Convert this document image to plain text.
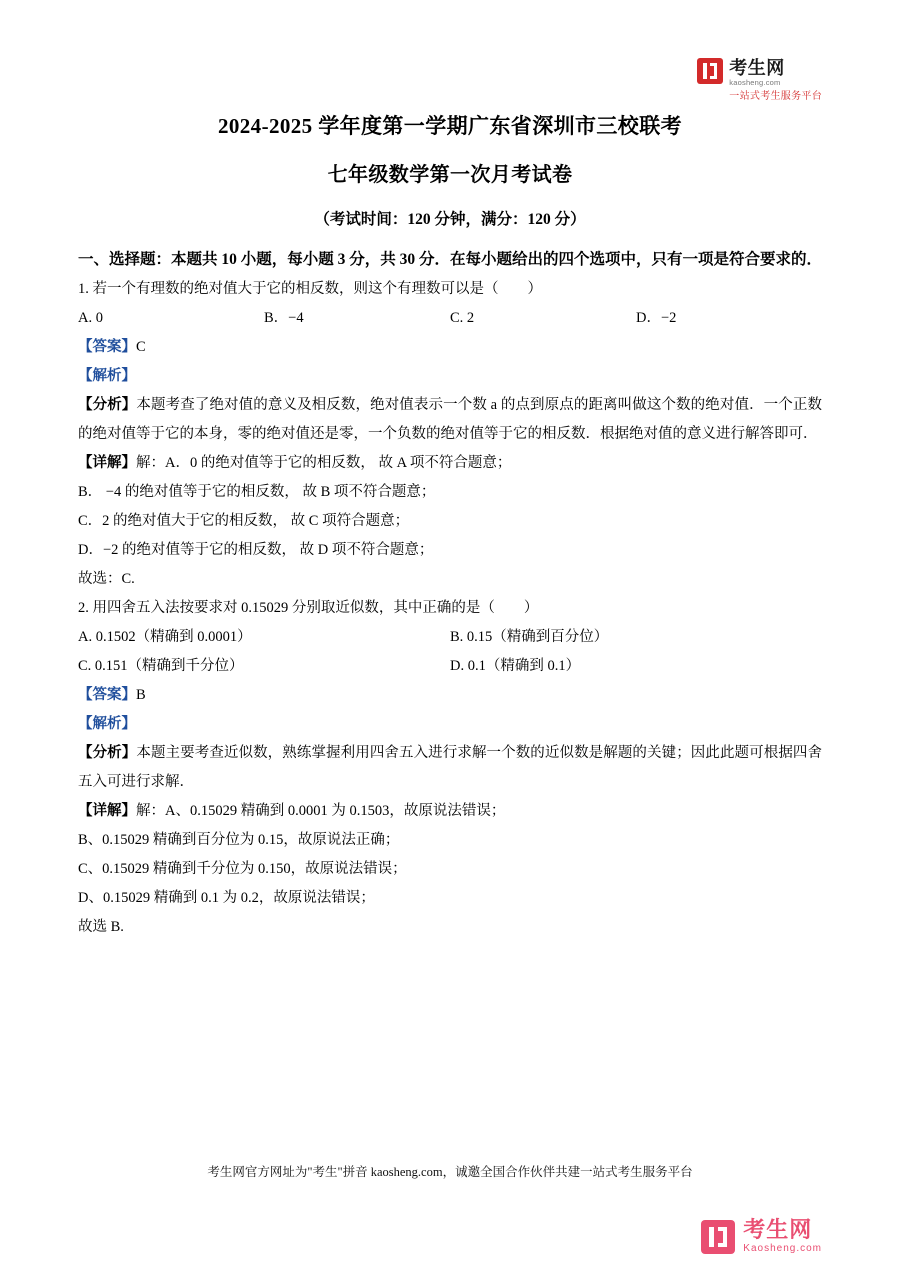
考生网
kaosheng.com
一站式考生服务平台
2024-2025 学年度第一学期广东省深圳市三校联考
七年级数学第一次月考试卷

（考试时间：120 分钟，满分：120 分）

一、选择题：本题共 10 小题，每小题 3 分，共 30 分．在每小题给出的四个选项中，只有一项是符合要求的．

1. 若一个有理数的绝对值大于它的相反数，则这个有理数可以是（　　）

A. 0	B．−4	C. 2	D．−2

【答案】C

【解析】

【分析】本题考查了绝对值的意义及相反数，绝对值表示一个数 a 的点到原点的距离叫做这个数的绝对值．一个正数的绝对值等于它的本身，零的绝对值还是零，一个负数的绝对值等于它的相反数．根据绝对值的意义进行解答即可．

【详解】解：A．0 的绝对值等于它的相反数， 故 A 项不符合题意；

B． −4 的绝对值等于它的相反数， 故 B 项不符合题意；

C．2 的绝对值大于它的相反数， 故 C 项符合题意；

D．−2 的绝对值等于它的相反数， 故 D 项不符合题意；

故选：C.

2. 用四舍五入法按要求对 0.15029 分别取近似数，其中正确的是（　　）

A. 0.1502（精确到 0.0001）	B. 0.15（精确到百分位）
C. 0.151（精确到千分位）	D. 0.1（精确到 0.1）

【答案】B

【解析】

【分析】本题主要考查近似数，熟练掌握利用四舍五入进行求解一个数的近似数是解题的关键；因此此题可根据四舍五入可进行求解．

【详解】解：A、0.15029 精确到 0.0001 为 0.1503，故原说法错误；

B、0.15029 精确到百分位为 0.15，故原说法正确；

C、0.15029 精确到千分位为 0.150，故原说法错误；

D、0.15029 精确到 0.1 为 0.2，故原说法错误；

故选 B.

考生网官方网址为"考生"拼音 kaosheng.com，诚邀全国合作伙伴共建一站式考生服务平台
考生网
Kaosheng.com
